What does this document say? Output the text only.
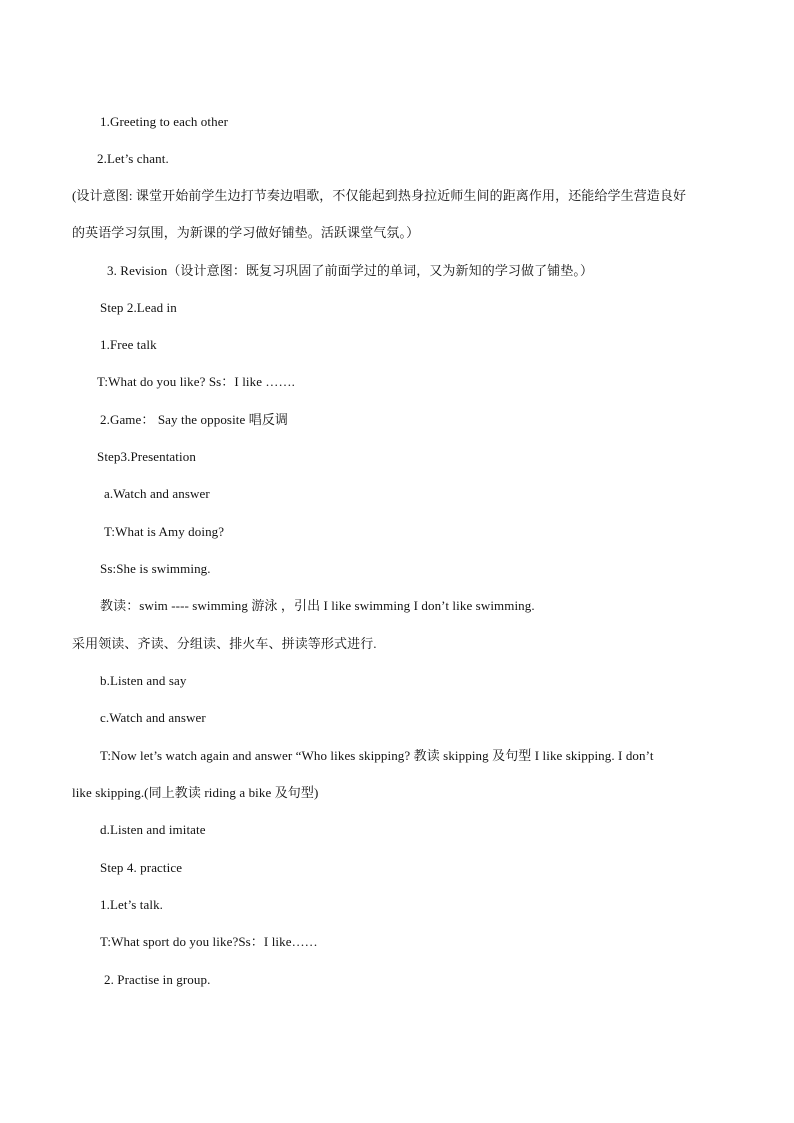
1.Greeting to each other
2.Let’s chant.
(设计意图: 课堂开始前学生边打节奏边唱歌，不仅能起到热身拉近师生间的距离作用，还能给学生营造良好
的英语学习氛围，为新课的学习做好铺垫。活跃课堂气氛。）
3. Revision（设计意图：既复习巩固了前面学过的单词，又为新知的学习做了铺垫。）
Step 2.Lead in
1.Free talk
T:What do you like? Ss：I like …….
2.Game： Say the opposite 唱反调
Step3.Presentation
a.Watch and answer
T:What is Amy doing?
Ss:She is swimming.
教读：swim ---- swimming 游泳 ，引出 I like swimming I don’t like swimming.
采用领读、齐读、分组读、排火车、拼读等形式进行.
b.Listen and say
c.Watch and answer
T:Now let’s watch again and answer “Who likes skipping? 教读 skipping 及句型 I like skipping. I don’t
like skipping.(同上教读 riding a bike 及句型)
d.Listen and imitate
Step 4. practice
1.Let’s talk.
T:What sport do you like?Ss：I like……
2. Practise in group.
